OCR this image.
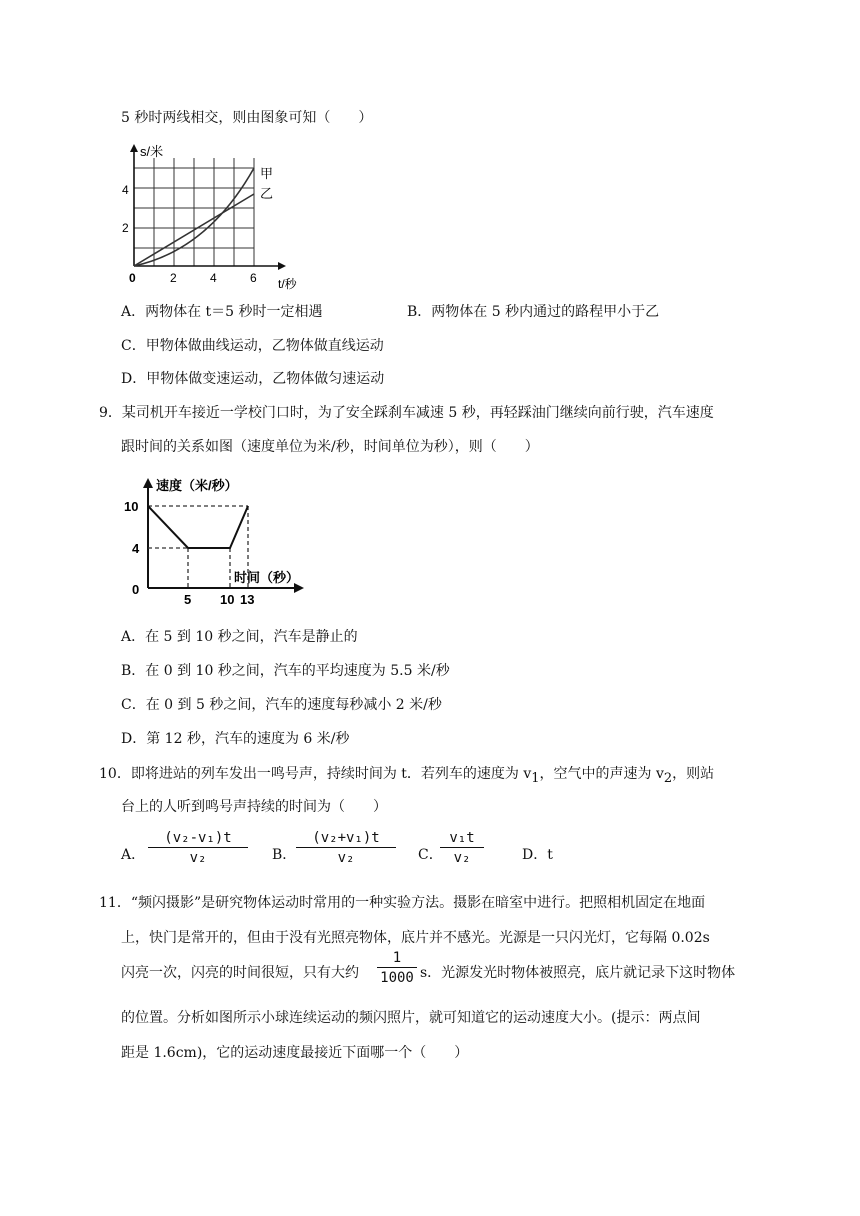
5 秒时两线相交，则由图象可知（　　）
s/米
4
2
0	2	4	6 t/秒
甲
乙
A．两物体在 t＝5 秒时一定相遇	B．两物体在 5 秒内通过的路程甲小于乙
C．甲物体做曲线运动，乙物体做直线运动
D．甲物体做变速运动，乙物体做匀速运动
9．某司机开车接近一学校门口时，为了安全踩刹车减速 5 秒，再轻踩油门继续向前行驶，汽车速度
跟时间的关系如图（速度单位为米/秒，时间单位为秒），则（　　）
速度（米/秒）
10
4
0
5 10 13
时间（秒）
A．在 5 到 10 秒之间，汽车是静止的
B．在 0 到 10 秒之间，汽车的平均速度为 5.5 米/秒
C．在 0 到 5 秒之间，汽车的速度每秒减小 2 米/秒
D．第 12 秒，汽车的速度为 6 米/秒
10．即将进站的列车发出一鸣号声，持续时间为 t．若列车的速度为 $v_1$，空气中的声速为 $v_2$，则站
台上的人听到鸣号声持续的时间为（　　）
A． $\frac{\text{(v₂-v₁)t}}{\text{v₂}}$ B． $\frac{\text{(v₂+v₁)t}}{\text{v₂}}$ C．
$\frac{\text{v₁t}}{\text{v₂}}$	D．t
11．“频闪摄影”是研究物体运动时常用的一种实验方法。摄影在暗室中进行。把照相机固定在地面
上，快门是常开的，但由于没有光照亮物体，底片并不感光。光源是一只闪光灯，它每隔 0.02s
闪亮一次，闪亮的时间很短，只有大约 $\frac{1}{1000}$ s．光源发光时物体被照亮，底片就记录下这时物体
的位置。分析如图所示小球连续运动的频闪照片，就可知道它的运动速度大小。(提示：两点间
距是 1.6cm)，它的运动速度最接近下面哪一个（　　）
